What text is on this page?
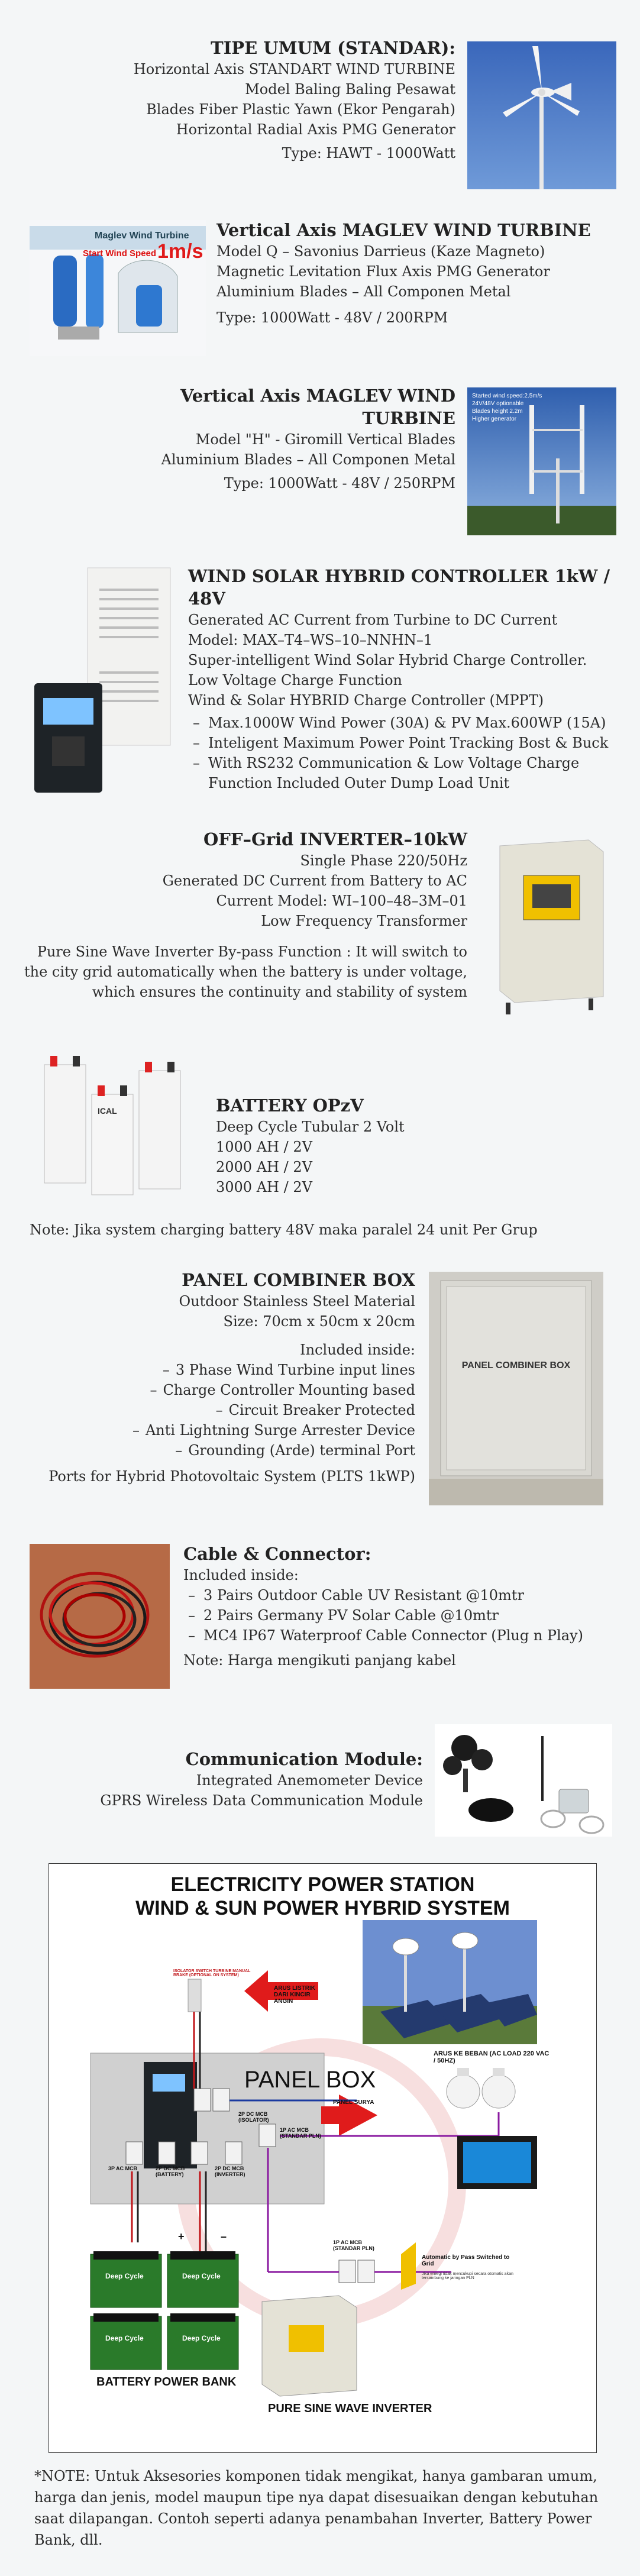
TIPE UMUM (STANDAR):
Horizontal Axis STANDART WIND TURBINE
Model Baling Baling Pesawat
Blades Fiber Plastic Yawn (Ekor Pengarah)
Horizontal Radial Axis PMG Generator
Type: HAWT - 1000Watt
Maglev Wind Turbine
Start Wind Speed 1m/s
Vertical Axis MAGLEV WIND TURBINE
Model Q – Savonius Darrieus (Kaze Magneto)
Magnetic Levitation Flux Axis PMG Generator
Aluminium Blades – All Componen Metal
Type: 1000Watt - 48V / 200RPM
Vertical Axis MAGLEV WIND TURBINE
Model "H" - Giromill Vertical Blades
Aluminium Blades – All Componen Metal
Type: 1000Watt - 48V / 250RPM
Started wind speed:2.5m/s
24V/48V optionable
Blades height 2.2m
Higher generator
WIND SOLAR HYBRID CONTROLLER 1kW / 48V
Generated AC Current from Turbine to DC Current
Model: MAX–T4–WS–10–NNHN–1
Super-intelligent Wind Solar Hybrid Charge Controller.
Low Voltage Charge Function
Wind & Solar HYBRID Charge Controller (MPPT)
– Max.1000W Wind Power (30A) & PV Max.600WP (15A)
– Inteligent Maximum Power Point Tracking Bost & Buck
– With RS232 Communication & Low Voltage Charge Function Included Outer Dump Load Unit
OFF–Grid INVERTER–10kW
Single Phase 220/50Hz
Generated DC Current from Battery to AC
Current Model: WI–100–48–3M–01
Low Frequency Transformer
Pure Sine Wave Inverter By-pass Function : It will switch to the city grid automatically when the battery is under voltage, which ensures the continuity and stability of system
ICAL	BATTERY OPzV
Deep Cycle Tubular 2 Volt
1000 AH / 2V
2000 AH / 2V
3000 AH / 2V
Note: Jika system charging battery 48V maka paralel 24 unit Per Grup
PANEL COMBINER BOX
Outdoor Stainless Steel Material
Size: 70cm x 50cm x 20cm
Included inside:
– 3 Phase Wind Turbine input lines
– Charge Controller Mounting based
– Circuit Breaker Protected
– Anti Lightning Surge Arrester Device
– Grounding (Arde) terminal Port
Ports for Hybrid Photovoltaic System (PLTS 1kWP)
PANEL COMBINER BOX
Cable & Connector:
Included inside:
– 3 Pairs Outdoor Cable UV Resistant @10mtr
– 2 Pairs Germany PV Solar Cable @10mtr
– MC4 IP67 Waterproof Cable Connector (Plug n Play)
Note: Harga mengikuti panjang kabel
Communication Module:
Integrated Anemometer Device
GPRS Wireless Data Communication Module
ELECTRICITY POWER STATION
WIND & SUN POWER HYBRID SYSTEM
PANEL BOX
ISOLATOR SWITCH TURBINE MANUAL BRAKE (OPTIONAL ON SYSTEM)
ARUS LISTRIK DARI KINCIR ANGIN
ARUS KE BEBAN (AC LOAD 220 VAC / 50HZ)
PANEL SURYA
2P DC MCB (ISOLATOR)
3P AC MCB	2P DC MCB (BATTERY)
2P DC MCB (INVERTER)
1P AC MCB (STANDAR PLN)
1P AC MCB (STANDAR PLN)
Automatic by Pass Switched to Grid
Jika energi tidak mencukupi secara otomatis akan tersambung ke jaringan PLN
+	–
Deep Cycle	Deep Cycle
Deep Cycle	Deep Cycle
BATTERY POWER BANK
PURE SINE WAVE INVERTER
*NOTE: Untuk Aksesories komponen tidak mengikat, hanya gambaran umum, harga dan jenis, model maupun tipe nya dapat disesuaikan dengan kebutuhan saat dilapangan. Contoh seperti adanya penambahan Inverter, Battery Power Bank, dll.
